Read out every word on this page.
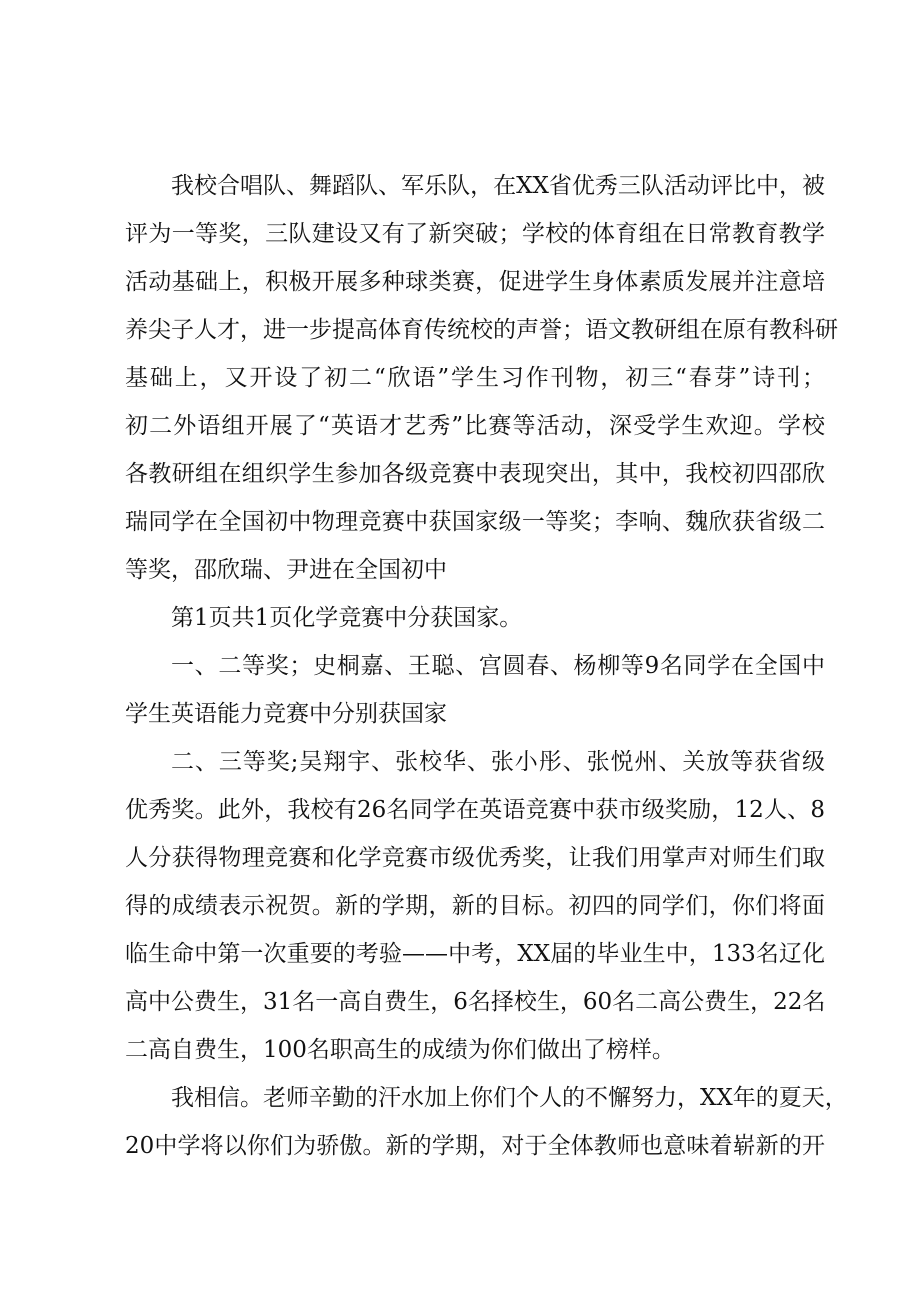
我校合唱队、舞蹈队、军乐队，在XX省优秀三队活动评比中，被
评为一等奖，三队建设又有了新突破；学校的体育组在日常教育教学
活动基础上，积极开展多种球类赛，促进学生身体素质发展并注意培
养尖子人才，进一步提高体育传统校的声誉；语文教研组在原有教科研
基础上，又开设了初二“欣语”学生习作刊物，初三“春芽”诗刊；
初二外语组开展了“英语才艺秀”比赛等活动，深受学生欢迎。学校
各教研组在组织学生参加各级竞赛中表现突出，其中，我校初四邵欣
瑞同学在全国初中物理竞赛中获国家级一等奖；李响、魏欣获省级二
等奖，邵欣瑞、尹进在全国初中
第1页共1页化学竞赛中分获国家。
一、二等奖；史桐嘉、王聪、宫圆春、杨柳等9名同学在全国中
学生英语能力竞赛中分别获国家
二、三等奖;吴翔宇、张校华、张小彤、张悦州、关放等获省级
优秀奖。此外，我校有26名同学在英语竞赛中获市级奖励，12人、8
人分获得物理竞赛和化学竞赛市级优秀奖，让我们用掌声对师生们取
得的成绩表示祝贺。新的学期，新的目标。初四的同学们，你们将面
临生命中第一次重要的考验——中考，XX届的毕业生中，133名辽化
高中公费生，31名一高自费生，6名择校生，60名二高公费生，22名
二高自费生，100名职高生的成绩为你们做出了榜样。
我相信。老师辛勤的汗水加上你们个人的不懈努力，XX年的夏天，
20中学将以你们为骄傲。新的学期，对于全体教师也意味着崭新的开
